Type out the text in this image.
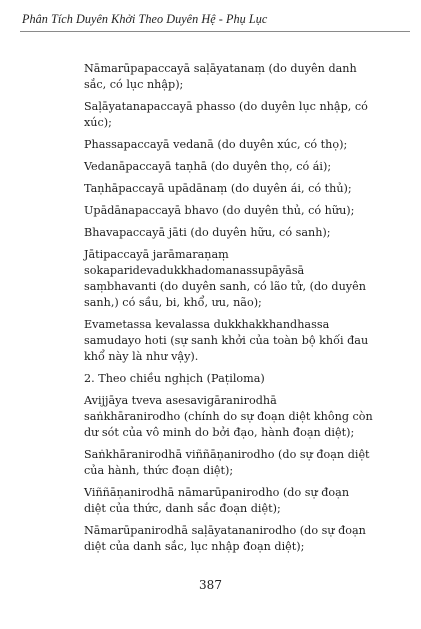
Phân Tích Duyên Khởi Theo Duyên Hệ - Phụ Lục

Nāmarūpapaccayā saḷāyatanaṃ (do duyên danh sắc, có lục nhập);

Saḷāyatanapaccayā phasso (do duyên lục nhập, có xúc);

Phassapaccayā vedanā (do duyên xúc, có thọ);

Vedanāpaccayā taṇhā (do duyên thọ, có ái);

Taṇhāpaccayā upādānaṃ (do duyên ái, có thủ);

Upādānapaccayā bhavo (do duyên thủ, có hữu);

Bhavapaccayā jāti (do duyên hữu, có sanh);

Jātipaccayā jarāmaraṇaṃ sokaparidevadukkhadomanassupāyāsā saṃbhavanti (do duyên sanh, có lão tử, (do duyên sanh,) có sầu, bi, khổ, ưu, não);

Evametassa kevalassa dukkhakkhandhassa samudayo hoti (sự sanh khởi của toàn bộ khối đau khổ này là như vậy).

2. Theo chiều nghịch (Paṭiloma)

Avijjāya tveva asesavigāranirodhā saṅkhāranirodho (chính do sự đoạn diệt không còn dư sót của vô minh do bởi đạo, hành đoạn diệt);

Saṅkhāranirodhā viññāṇanirodho (do sự đoạn diệt của hành, thức đoạn diệt);

Viññāṇanirodhā nāmarūpanirodho (do sự đoạn diệt của thức, danh sắc đoạn diệt);

Nāmarūpanirodhā saḷāyatananirodho (do sự đoạn diệt của danh sắc, lục nhập đoạn diệt);

387
